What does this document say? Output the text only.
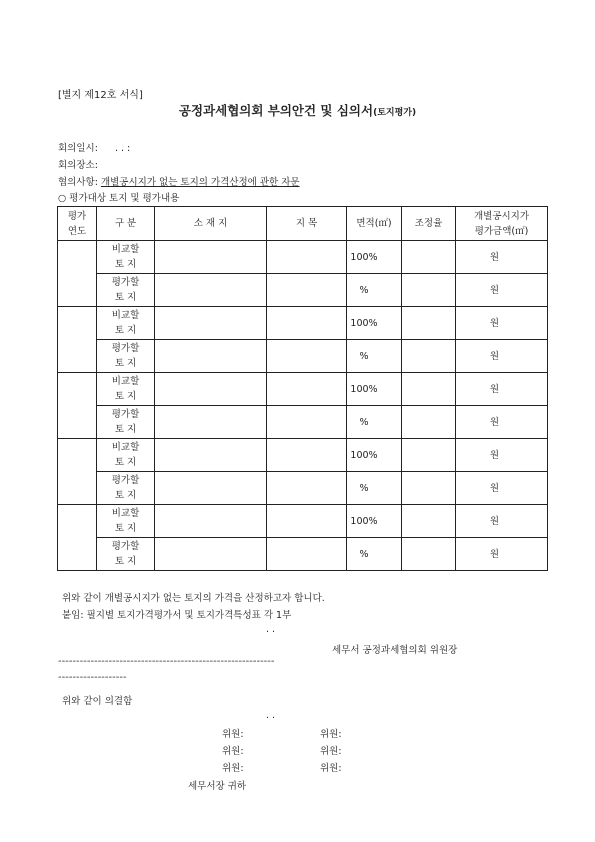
[별지 제12호 서식]
공정과세협의회 부의안건 및 심의서(토지평가)
회의일시: . . :
회의장소:
협의사항: 개별공시지가 없는 토지의 가격산정에 관한 자문
○ 평가대상 토지 및 평가내용
평가
연도	구 분	소 재 지	지 목	면적(㎡)	조정율	개별공시지가
평가금액(㎡)
	비교할
토 지			100%		원
	평가할
토 지			%		원
	비교할
토 지			100%		원
	평가할
토 지			%		원
	비교할
토 지			100%		원
	평가할
토 지			%		원
	비교할
토 지			100%		원
	평가할
토 지			%		원
	비교할
토 지			100%		원
	평가할
토 지			%		원
위와 같이 개별공시지가 없는 토지의 가격을 산정하고자 합니다.
붙임: 필지별 토지가격평가서 및 토지가격특성표 각 1부
. .
세무서 공정과세협의회 위원장
------------------------------------------------------------
-------------------
위와 같이 의결함
. .
위원:	위원:
위원:	위원:
위원:	위원:
세무서장 귀하
